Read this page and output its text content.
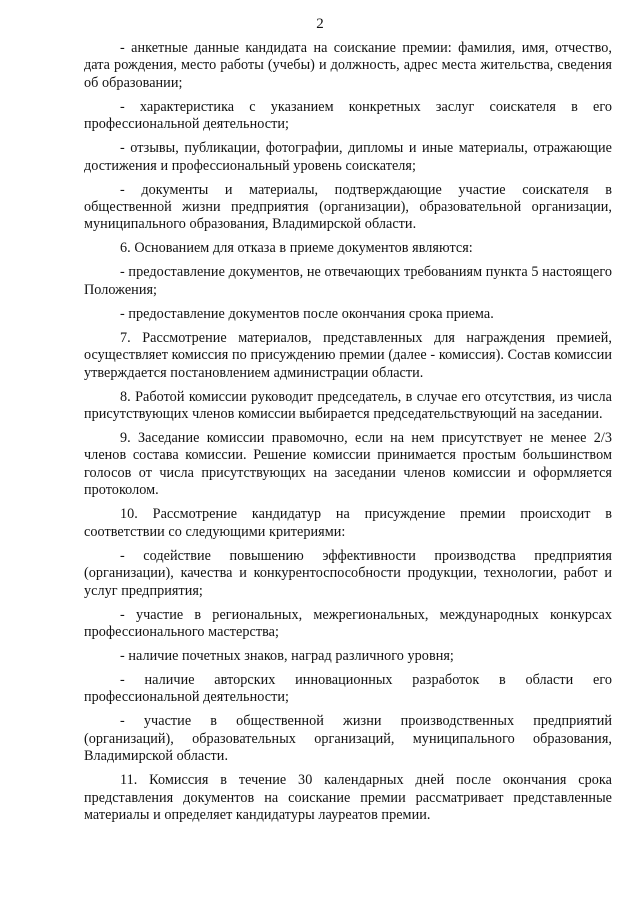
2

- анкетные данные кандидата на соискание премии: фамилия, имя, отчество, дата рождения, место работы (учебы) и должность, адрес места жительства, сведения об образовании;

- характеристика с указанием конкретных заслуг соискателя в его профессиональной деятельности;

- отзывы, публикации, фотографии, дипломы и иные материалы, отражающие достижения и профессиональный уровень соискателя;

- документы и материалы, подтверждающие участие соискателя в общественной жизни предприятия (организации), образовательной организации, муниципального образования, Владимирской области.

6. Основанием для отказа в приеме документов являются:

- предоставление документов, не отвечающих требованиям пункта 5 настоящего Положения;

- предоставление документов после окончания срока приема.

7. Рассмотрение материалов, представленных для награждения премией, осуществляет комиссия по присуждению премии (далее - комиссия). Состав комиссии утверждается постановлением администрации области.

8. Работой комиссии руководит председатель, в случае его отсутствия, из числа присутствующих членов комиссии выбирается председательствующий на заседании.

9. Заседание комиссии правомочно, если на нем присутствует не менее 2/3 членов состава комиссии. Решение комиссии принимается простым большинством голосов от числа присутствующих на заседании членов комиссии и оформляется протоколом.

10. Рассмотрение кандидатур на присуждение премии происходит в соответствии со следующими критериями:

- содействие повышению эффективности производства предприятия (организации), качества и конкурентоспособности продукции, технологии, работ и услуг предприятия;

- участие в региональных, межрегиональных, международных конкурсах профессионального мастерства;

- наличие почетных знаков, наград различного уровня;

- наличие авторских инновационных разработок в области его профессиональной деятельности;

- участие в общественной жизни производственных предприятий (организаций), образовательных организаций, муниципального образования, Владимирской области.

11. Комиссия в течение 30 календарных дней после окончания срока представления документов на соискание премии рассматривает представленные материалы и определяет кандидатуры лауреатов премии.
